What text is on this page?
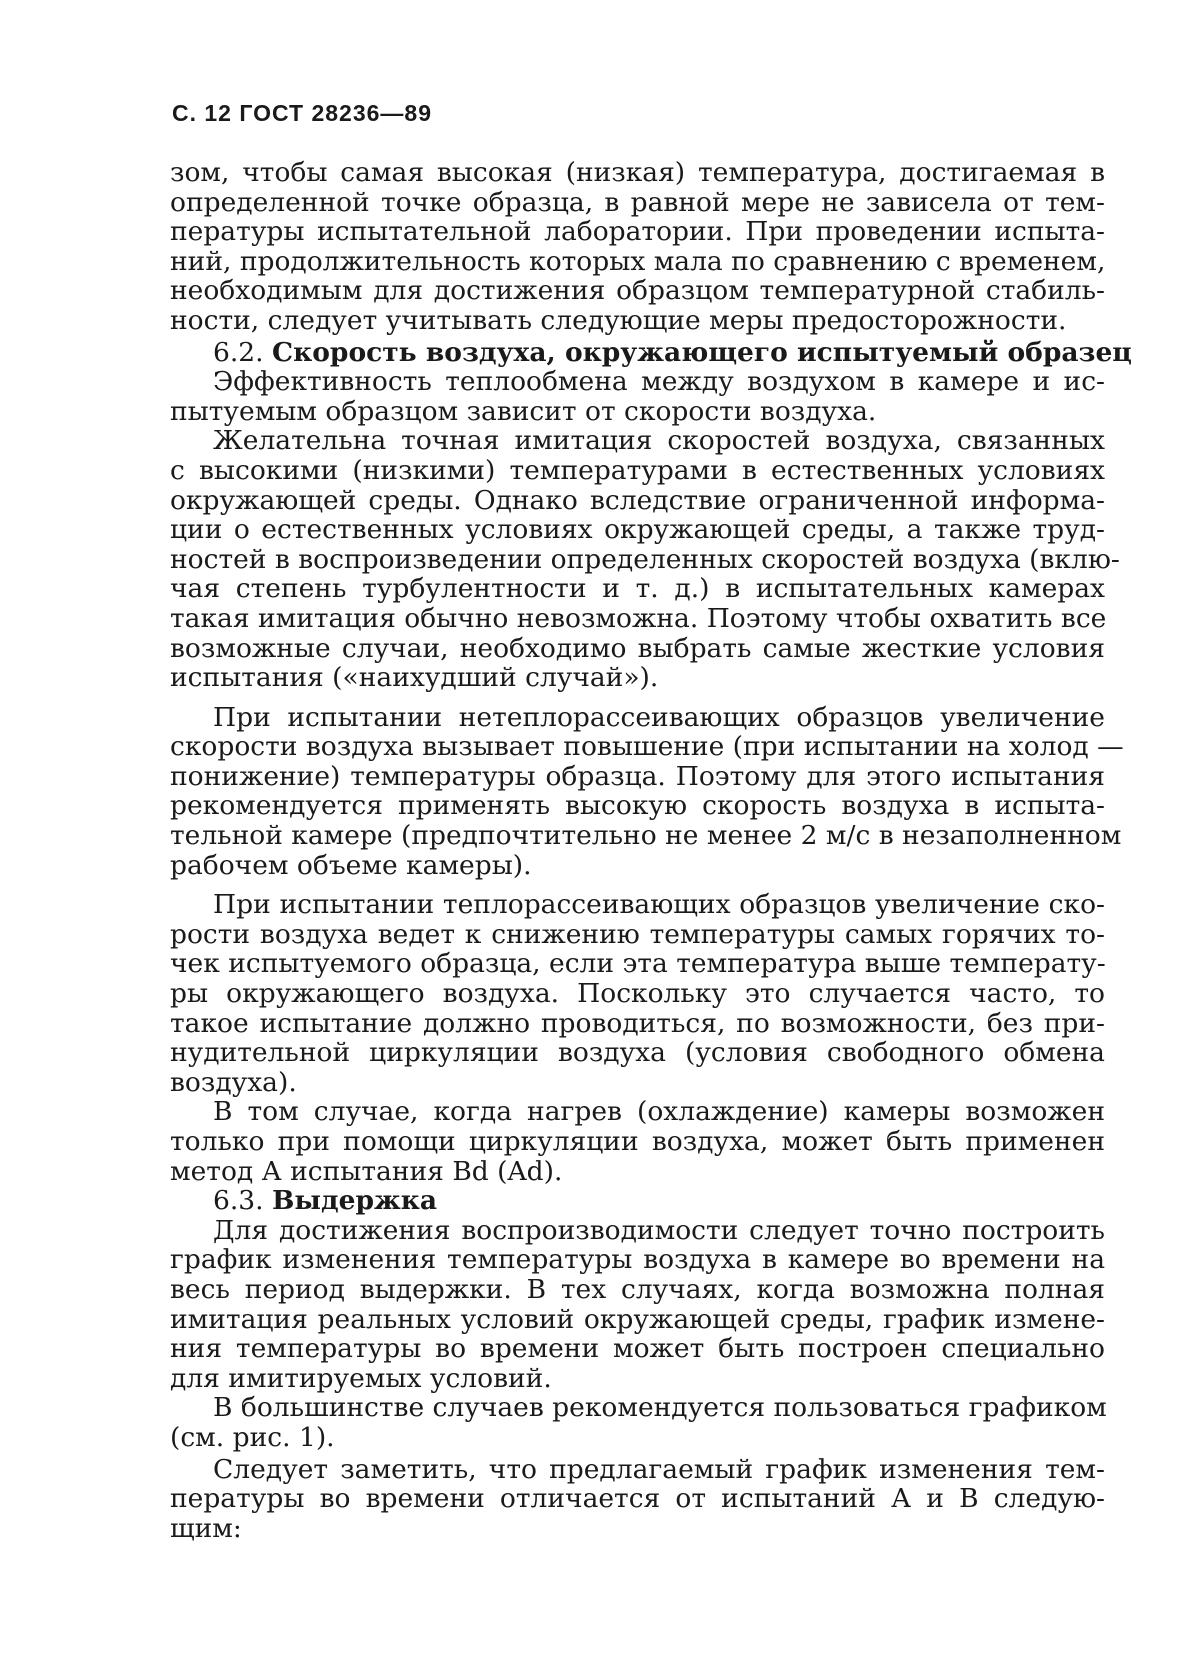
С. 12 ГОСТ 28236—89
зом, чтобы самая высокая (низкая) температура, достигаемая в
определенной точке образца, в равной мере не зависела от тем-
пературы испытательной лаборатории. При проведении испыта-
ний, продолжительность которых мала по сравнению с временем,
необходимым для достижения образцом температурной стабиль-
ности, следует учитывать следующие меры предосторожности.
6.2. Скорость воздуха, окружающего испытуемый образец
Эффективность теплообмена между воздухом в камере и ис-
пытуемым образцом зависит от скорости воздуха.
Желательна точная имитация скоростей воздуха, связанных
с высокими (низкими) температурами в естественных условиях
окружающей среды. Однако вследствие ограниченной информа-
ции о естественных условиях окружающей среды, а также труд-
ностей в воспроизведении определенных скоростей воздуха (вклю-
чая степень турбулентности и т. д.) в испытательных камерах
такая имитация обычно невозможна. Поэтому чтобы охватить все
возможные случаи, необходимо выбрать самые жесткие условия
испытания («наихудший случай»).
При испытании нетеплорассеивающих образцов увеличение
скорости воздуха вызывает повышение (при испытании на холод —
понижение) температуры образца. Поэтому для этого испытания
рекомендуется применять высокую скорость воздуха в испыта-
тельной камере (предпочтительно не менее 2 м/с в незаполненном
рабочем объеме камеры).
При испытании теплорассеивающих образцов увеличение ско-
рости воздуха ведет к снижению температуры самых горячих то-
чек испытуемого образца, если эта температура выше температу-
ры окружающего воздуха. Поскольку это случается часто, то
такое испытание должно проводиться, по возможности, без при-
нудительной циркуляции воздуха (условия свободного обмена
воздуха).
В том случае, когда нагрев (охлаждение) камеры возможен
только при помощи циркуляции воздуха, может быть применен
метод А испытания Bd (Ad).
6.3. Выдержка
Для достижения воспроизводимости следует точно построить
график изменения температуры воздуха в камере во времени на
весь период выдержки. В тех случаях, когда возможна полная
имитация реальных условий окружающей среды, график измене-
ния температуры во времени может быть построен специально
для имитируемых условий.
В большинстве случаев рекомендуется пользоваться графиком
(см. рис. 1).
Следует заметить, что предлагаемый график изменения тем-
пературы во времени отличается от испытаний А и В следую-
щим:
